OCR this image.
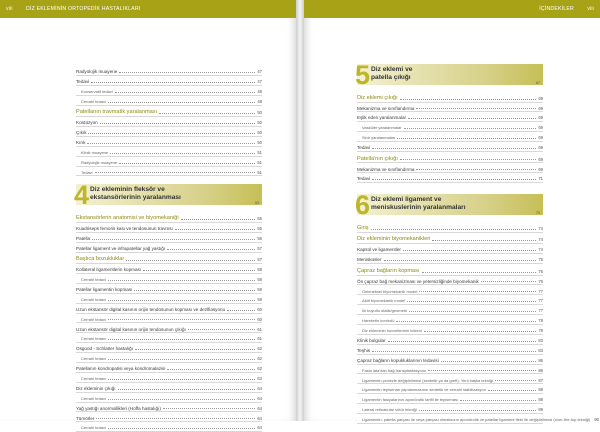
viii	DİZ EKLEMİNİN ORTOPEDİK HASTALIKLARI	İÇİNDEKİLER	viii
Radyolojik muayene	47
Tedavi	47
Konservatif tedavi	48
Cerrahi tedavi	48
Patellanın travmatik yaralanması	50
Kontüzyon	50
Çıkık	50
Kırık	50
Klinik muayene	51
Radyolojik muayene	51
Tedavi	51
4 Diz ekleminin fleksör ve
ekstansörlerinin yaralanması
53
Ekstansörlerin anatomisi ve biyomekaniği	55
Kuadriseps femoris kası ve tendosunun travmsı	55
Patella	56
Patellar ligament ve infrapatellar yağ yastığı	57
Başlıca bozukluklar	57
Kollateral ligamentlerin kopması	58
Cerrahi tedavi	58
Patellar ligamentin kopması	59
Cerrahi tedavi	59
Uzun ekstansör digital kasının orijin tendosunun kopması ve dezlfiasyonu	60
Cerrahi tedavi	60
Uzun ekstansör digital kasının orijin tendosunun çıkığı	61
Cerrahi tedavi	61
Osgood - Schlatter hastalığı	62
Cerrahi tedavi	62
Patellanın kondropatisi veya kondromalazisi	62
Cerrahi tedavi	63
Diz ekleminin çıkığı	64
Cerrahi tedavi	64
Yağ yastığı anormallikleri (Hoffa hastalığı)	64
Tümörler	64
Cerrahi tedavi	64
5 Diz eklemi ve
patella çıkığı
67
Diz eklemi çıkığı	69
Mekanizma ve sınıflandırma	69
Eşlik eden yaralanmalar	69
Vasküler yaralanmalar	69
Sinir yaralanmaları	69
Tedavi	69
Patella'nın çıkığı	69
Mekanizma ve sınıflandırma	69
Tedavi	71
6 Diz eklemi ligament ve
meniskuslerinin yaralanmaları
73
Giriş	74
Diz ekleminin biyomekanikleri	74
Kapsül ve ligamentler	74
Menisküsler	75
Çapraz bağların kopması	76
Ön çapraz bağ mekanizması ve yetersizliğinde biyomekanik	76
Geleneksel biyomekanik model	77
Aktif biyomekanik model	77
İki boyutlu statik/geometri	77
Hareketin kontrolü	78
Diz ekleminin kuvvetlerinin kökeni	78
Klinik bulgular	83
Teşhis	83
Çapraz bağların kopukluklarının tedavisi	86
Fasia lata'dan bağ transplantasyonu	86
Ligamentin protezle değiştirilmesi (sentetik ya da greft). Yeni başka tekniği	87
Ligamentin tepisenan yapılanmasının sentetik ve cerrahi stabilizasyon	88
Ligamentin fasiyalarının aponörotik tarifli ile tepisenası	88
Lateral retinakular sütür tekniği	89
Ligamentin, patella parçası ile veya parçası olmaksızın aponörotik ve patellar ligament flebi ile değiştirilmesi (over-the-top tekniği) 90
